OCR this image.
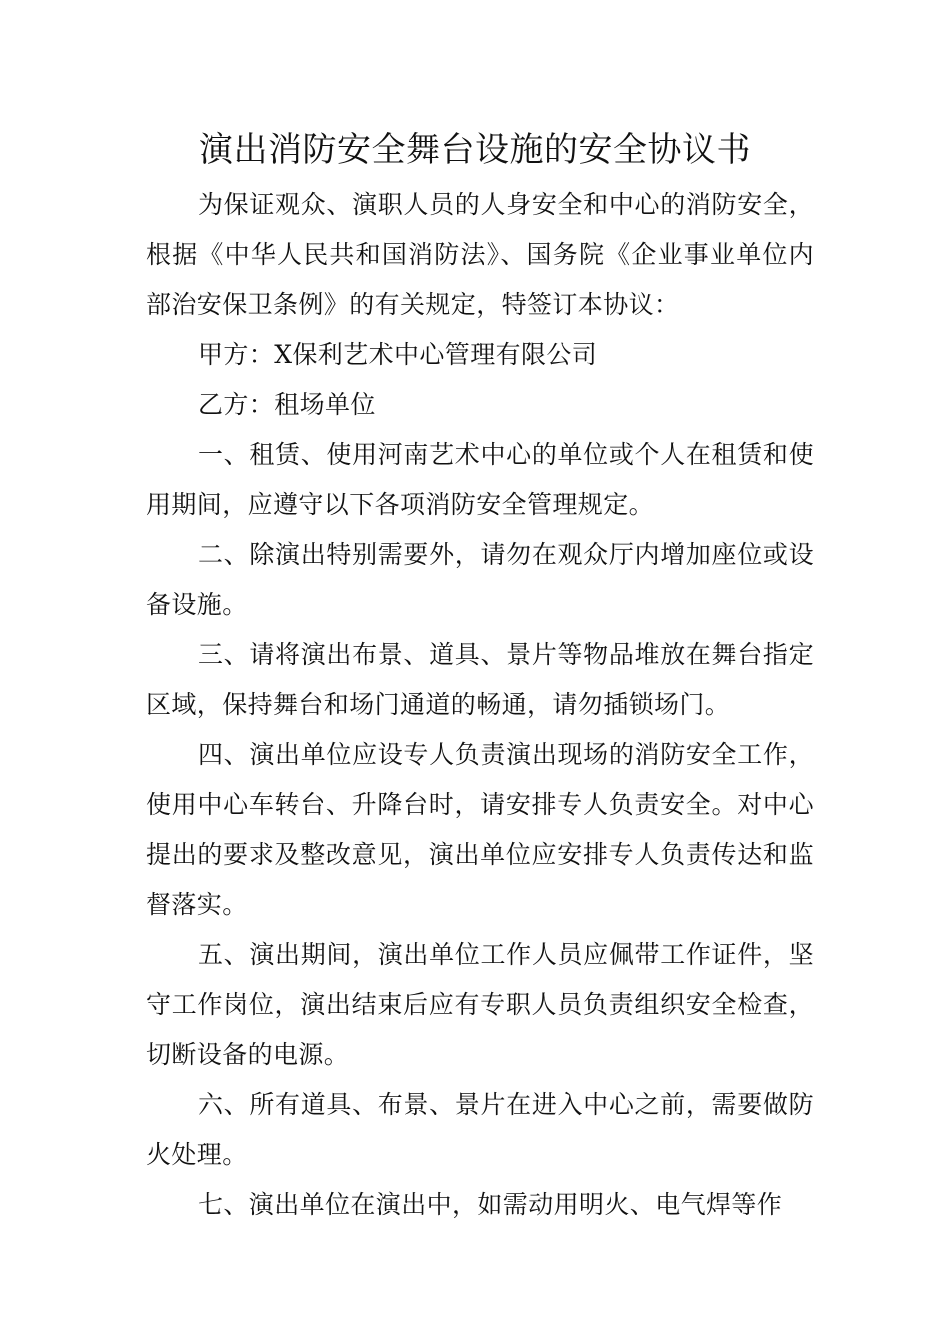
演出消防安全舞台设施的安全协议书

为保证观众、演职人员的人身安全和中心的消防安全，根据《中华人民共和国消防法》、国务院《企业事业单位内部治安保卫条例》的有关规定，特签订本协议：

甲方：X保利艺术中心管理有限公司

乙方：租场单位

一、租赁、使用河南艺术中心的单位或个人在租赁和使用期间，应遵守以下各项消防安全管理规定。

二、除演出特别需要外，请勿在观众厅内增加座位或设备设施。

三、请将演出布景、道具、景片等物品堆放在舞台指定区域，保持舞台和场门通道的畅通，请勿插锁场门。

四、演出单位应设专人负责演出现场的消防安全工作，使用中心车转台、升降台时，请安排专人负责安全。对中心提出的要求及整改意见，演出单位应安排专人负责传达和监督落实。

五、演出期间，演出单位工作人员应佩带工作证件，坚守工作岗位，演出结束后应有专职人员负责组织安全检查，切断设备的电源。

六、所有道具、布景、景片在进入中心之前，需要做防火处理。

七、演出单位在演出中，如需动用明火、电气焊等作
